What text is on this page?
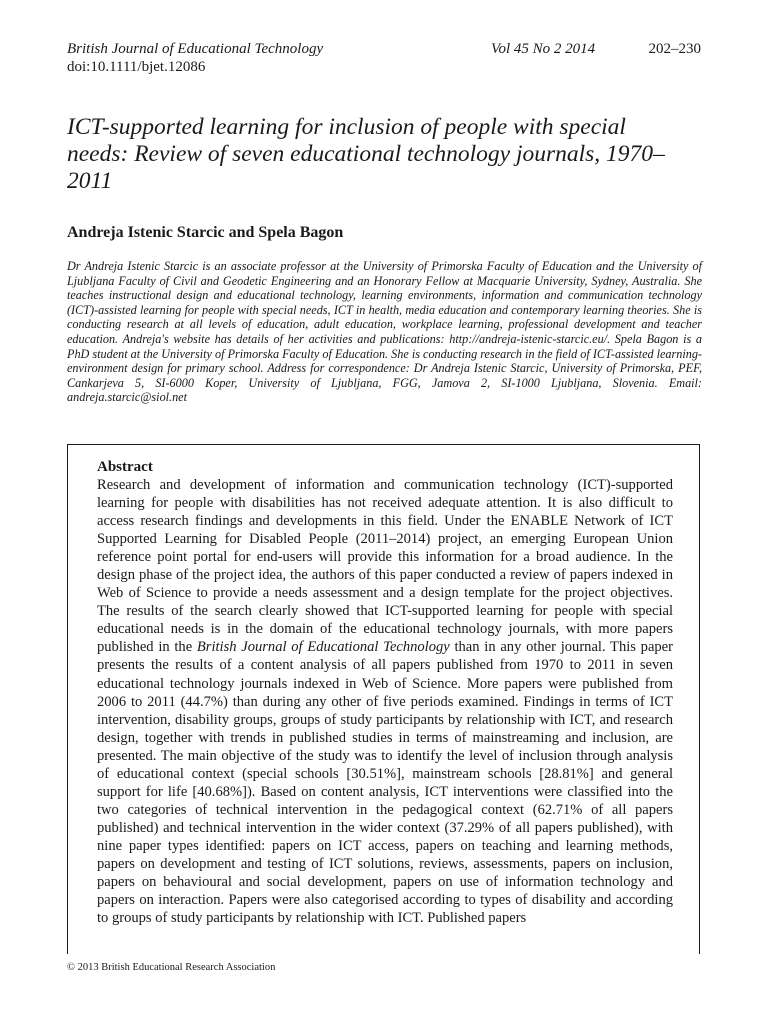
British Journal of Educational Technology	Vol 45 No 2 2014	202–230
doi:10.1111/bjet.12086
ICT-supported learning for inclusion of people with special needs: Review of seven educational technology journals, 1970–2011
Andreja Istenic Starcic and Spela Bagon

Dr Andreja Istenic Starcic is an associate professor at the University of Primorska Faculty of Education and the University of Ljubljana Faculty of Civil and Geodetic Engineering and an Honorary Fellow at Macquarie University, Sydney, Australia. She teaches instructional design and educational technology, learning environments, information and communication technology (ICT)-assisted learning for people with special needs, ICT in health, media education and contemporary learning theories. She is conducting research at all levels of education, adult education, workplace learning, professional development and teacher education. Andreja's website has details of her activities and publications: http://andreja-istenic-starcic.eu/. Spela Bagon is a PhD student at the University of Primorska Faculty of Education. She is conducting research in the field of ICT-assisted learning-environment design for primary school. Address for correspondence: Dr Andreja Istenic Starcic, University of Primorska, PEF, Cankarjeva 5, SI-6000 Koper, University of Ljubljana, FGG, Jamova 2, SI-1000 Ljubljana, Slovenia. Email: andreja.starcic@siol.net

Abstract

Research and development of information and communication technology (ICT)-supported learning for people with disabilities has not received adequate attention. It is also difficult to access research findings and developments in this field. Under the ENABLE Network of ICT Supported Learning for Disabled People (2011–2014) project, an emerging European Union reference point portal for end-users will provide this information for a broad audience. In the design phase of the project idea, the authors of this paper conducted a review of papers indexed in Web of Science to provide a needs assessment and a design template for the project objectives. The results of the search clearly showed that ICT-supported learning for people with special educational needs is in the domain of the educational technology journals, with more papers published in the British Journal of Educational Technology than in any other journal. This paper presents the results of a content analysis of all papers published from 1970 to 2011 in seven educational technology journals indexed in Web of Science. More papers were published from 2006 to 2011 (44.7%) than during any other of five periods examined. Findings in terms of ICT intervention, disability groups, groups of study participants by relationship with ICT, and research design, together with trends in published studies in terms of mainstreaming and inclusion, are presented. The main objective of the study was to identify the level of inclusion through analysis of educational context (special schools [30.51%], mainstream schools [28.81%] and general support for life [40.68%]). Based on content analysis, ICT interventions were classified into the two categories of technical intervention in the pedagogical context (62.71% of all papers published) and technical intervention in the wider context (37.29% of all papers published), with nine paper types identified: papers on ICT access, papers on teaching and learning methods, papers on development and testing of ICT solutions, reviews, assessments, papers on inclusion, papers on behavioural and social development, papers on use of information technology and papers on interaction. Papers were also categorised according to types of disability and according to groups of study participants by relationship with ICT. Published papers

© 2013 British Educational Research Association
